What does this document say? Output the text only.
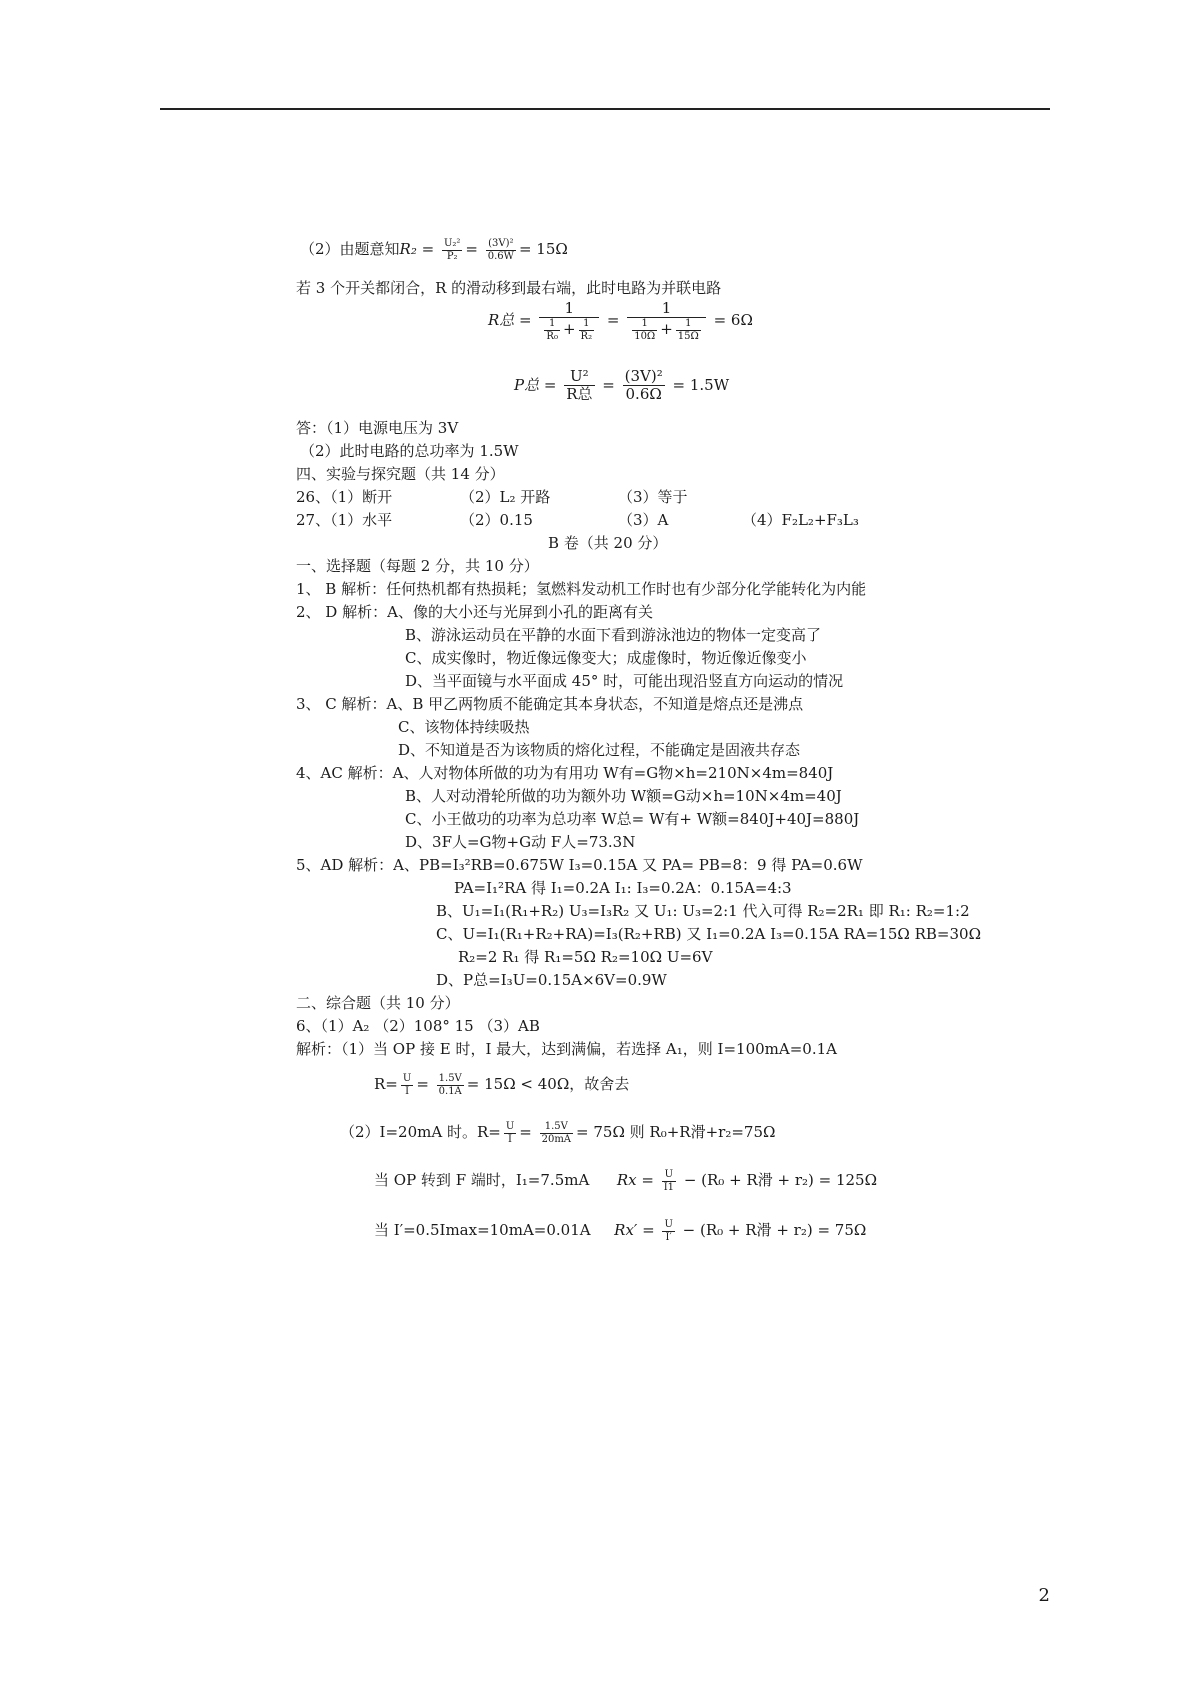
（2）由题意知$R_2 = \frac{\text{U₂²}}{\text{P₂}} = \frac{\text{(3V)²}}{0.6W} = 15\Omega$
若 3 个开关都闭合，R 的滑动移到最右端，此时电路为并联电路
R总 = $\frac{1}{\frac{1}{\text{R₀}} + \frac{1}{\text{R₂}}} = \frac{1}{\frac{1}{10\Omega} + \frac{1}{15\Omega}} = 6\Omega$
P总 = $\frac{\text{U²}}{\text{R总}} = \frac{\text{(3V)²}}{0.6\Omega} = 1.5W$
答：（1）电源电压为 3V
（2）此时电路的总功率为 1.5W
四、实验与探究题（共 14 分）
26、（1）断开	（2）L₂ 开路	（3）等于
27、（1）水平	（2）0.15	（3）A	（4）F₂L₂+F₃L₃
B 卷（共 20 分）
一、选择题（每题 2 分，共 10 分）
1、 B 解析：任何热机都有热损耗；氢燃料发动机工作时也有少部分化学能转化为内能
2、 D 解析：A、像的大小还与光屏到小孔的距离有关
B、游泳运动员在平静的水面下看到游泳池边的物体一定变高了
C、成实像时，物近像远像变大；成虚像时，物近像近像变小
D、当平面镜与水平面成 45° 时，可能出现沿竖直方向运动的情况
3、 C 解析：A、B 甲乙两物质不能确定其本身状态，不知道是熔点还是沸点
C、该物体持续吸热
D、不知道是否为该物质的熔化过程，不能确定是固液共存态
4、AC 解析：A、人对物体所做的功为有用功 W有=G物×h=210N×4m=840J
B、人对动滑轮所做的功为额外功 W额=G动×h=10N×4m=40J
C、小王做功的功率为总功率 W总= W有+ W额=840J+40J=880J
D、3F人=G物+G动 F人=73.3N
5、AD 解析：A、PB=I₃²RB=0.675W I₃=0.15A 又 PA= PB=8：9 得 PA=0.6W
PA=I₁²RA 得 I₁=0.2A I₁: I₃=0.2A：0.15A=4:3
B、U₁=I₁(R₁+R₂) U₃=I₃R₂ 又 U₁: U₃=2:1 代入可得 R₂=2R₁ 即 R₁: R₂=1:2
C、U=I₁(R₁+R₂+RA)=I₃(R₂+RB) 又 I₁=0.2A I₃=0.15A RA=15Ω RB=30Ω
R₂=2 R₁ 得 R₁=5Ω R₂=10Ω U=6V
D、P总=I₃U=0.15A×6V=0.9W
二、综合题（共 10 分）
6、（1）A₂ （2）108° 15 （3）AB
解析：（1）当 OP 接 E 时，I 最大，达到满偏，若选择 A₁，则 I=100mA=0.1A
$R= \frac{U}{I} = \frac{1.5V}{0.1A} = 15\Omega < 40\Omega$，故舍去
（2）I=20mA 时。$R= \frac{U}{I} = \frac{1.5V}{20mA} = 75\Omega$ 则 R₀+R滑+r₂=75Ω
当 OP 转到 F 端时，I₁=7.5mA $Rx = \frac{U}{I1} - (R_0 + R$滑 + r₂) = 125Ω
当 I′=0.5Imax=10mA=0.01A $Rx' = \frac{U}{I'} - (R_0 + R$滑 + r₂) = 75Ω
2
